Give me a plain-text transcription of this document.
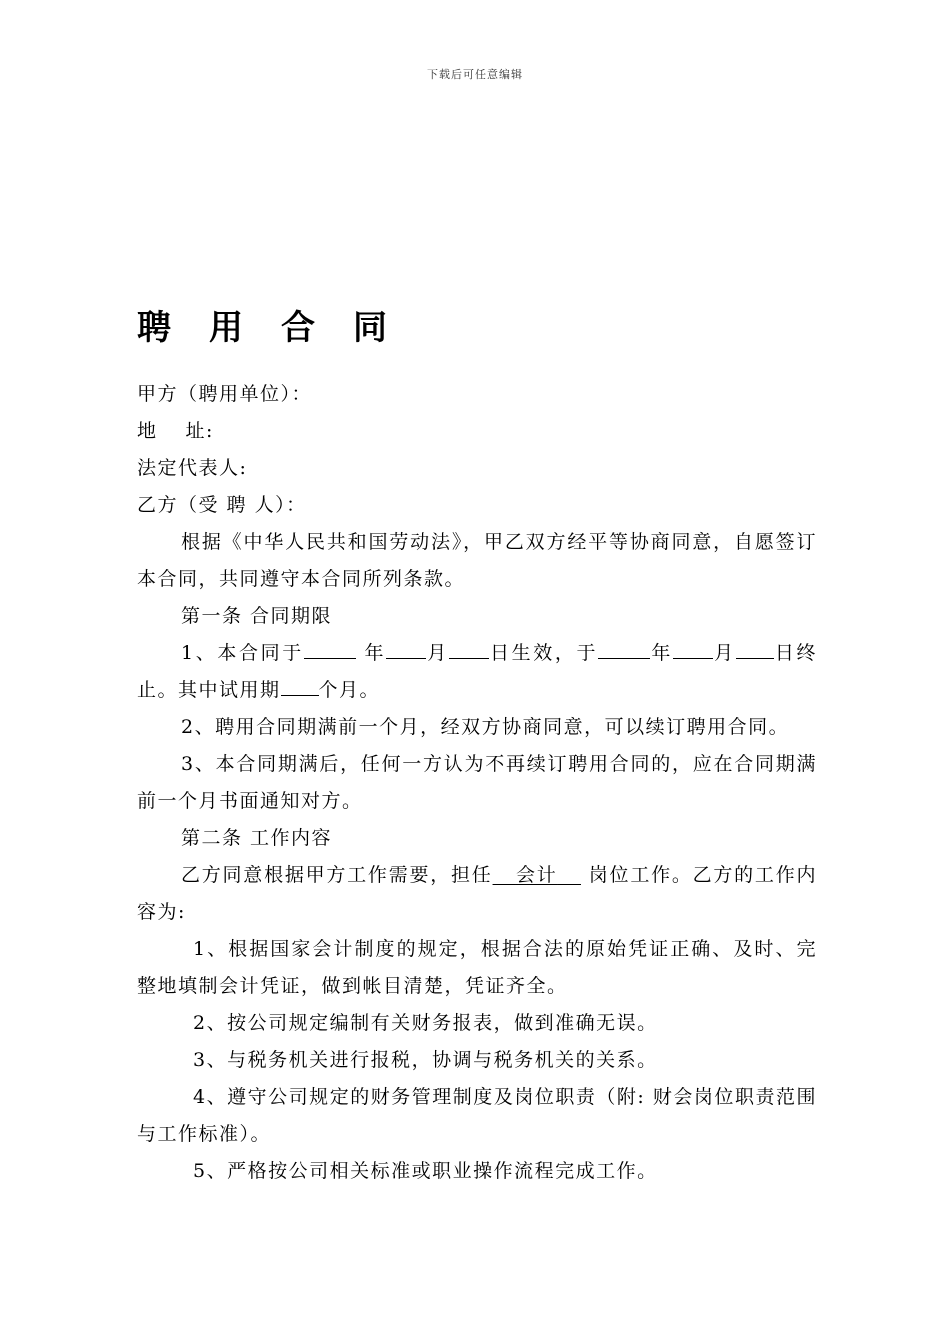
下载后可任意编辑
聘用合同

甲方（聘用单位）：

地　 址:

法定代表人:

乙方（受 聘 人）：

根据《中华人民共和国劳动法》，甲乙双方经平等协商同意，自愿签订本合同，共同遵守本合同所列条款。

第一条 合同期限

1、本合同于	年 月 日生效，于	年 月 日终止。其中试用期 个月。

2、聘用合同期满前一个月，经双方协商同意，可以续订聘用合同。

3、本合同期满后，任何一方认为不再续订聘用合同的，应在合同期满前一个月书面通知对方。

第二条 工作内容

乙方同意根据甲方工作需要，担任 会计 岗位工作。乙方的工作内容为:

1、根据国家会计制度的规定，根据合法的原始凭证正确、及时、完整地填制会计凭证，做到帐目清楚，凭证齐全。

2、按公司规定编制有关财务报表，做到准确无误。

3、与税务机关进行报税，协调与税务机关的关系。

4、遵守公司规定的财务管理制度及岗位职责（附: 财会岗位职责范围与工作标准）。

5、严格按公司相关标准或职业操作流程完成工作。
